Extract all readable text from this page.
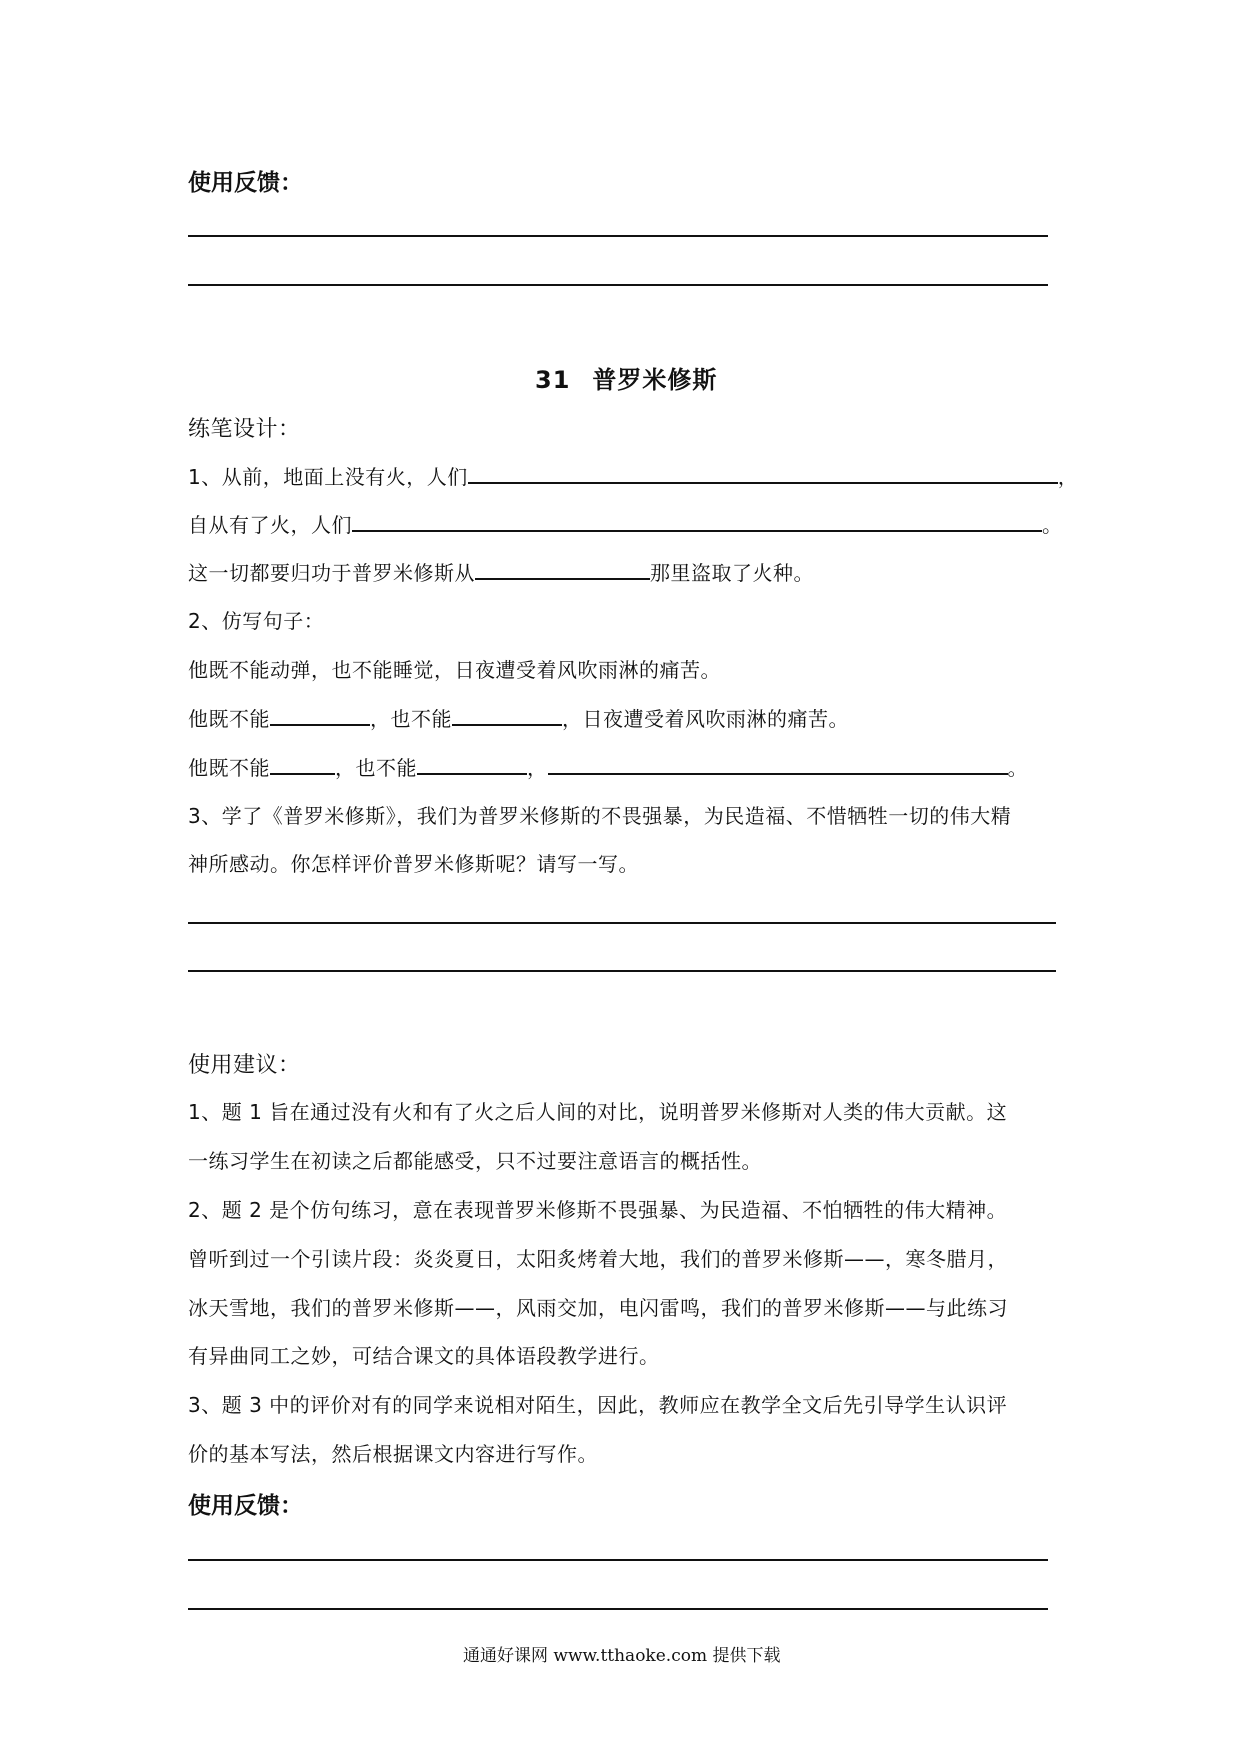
使用反馈：
31 普罗米修斯
练笔设计：
1、从前，地面上没有火，人们	，
自从有了火，人们	。
这一切都要归功于普罗米修斯从	那里盗取了火种。
2、仿写句子：
他既不能动弹，也不能睡觉，日夜遭受着风吹雨淋的痛苦。
他既不能	，也不能	，日夜遭受着风吹雨淋的痛苦。
他既不能	，也不能	，	。
3、学了《普罗米修斯》，我们为普罗米修斯的不畏强暴，为民造福、不惜牺牲一切的伟大精
神所感动。你怎样评价普罗米修斯呢？请写一写。
使用建议：
1、题 1 旨在通过没有火和有了火之后人间的对比，说明普罗米修斯对人类的伟大贡献。这
一练习学生在初读之后都能感受，只不过要注意语言的概括性。
2、题 2 是个仿句练习，意在表现普罗米修斯不畏强暴、为民造福、不怕牺牲的伟大精神。
曾听到过一个引读片段：炎炎夏日，太阳炙烤着大地，我们的普罗米修斯——，寒冬腊月，
冰天雪地，我们的普罗米修斯——，风雨交加，电闪雷鸣，我们的普罗米修斯——与此练习
有异曲同工之妙，可结合课文的具体语段教学进行。
3、题 3 中的评价对有的同学来说相对陌生，因此，教师应在教学全文后先引导学生认识评
价的基本写法，然后根据课文内容进行写作。
使用反馈：
通通好课网 www.tthaoke.com 提供下载
